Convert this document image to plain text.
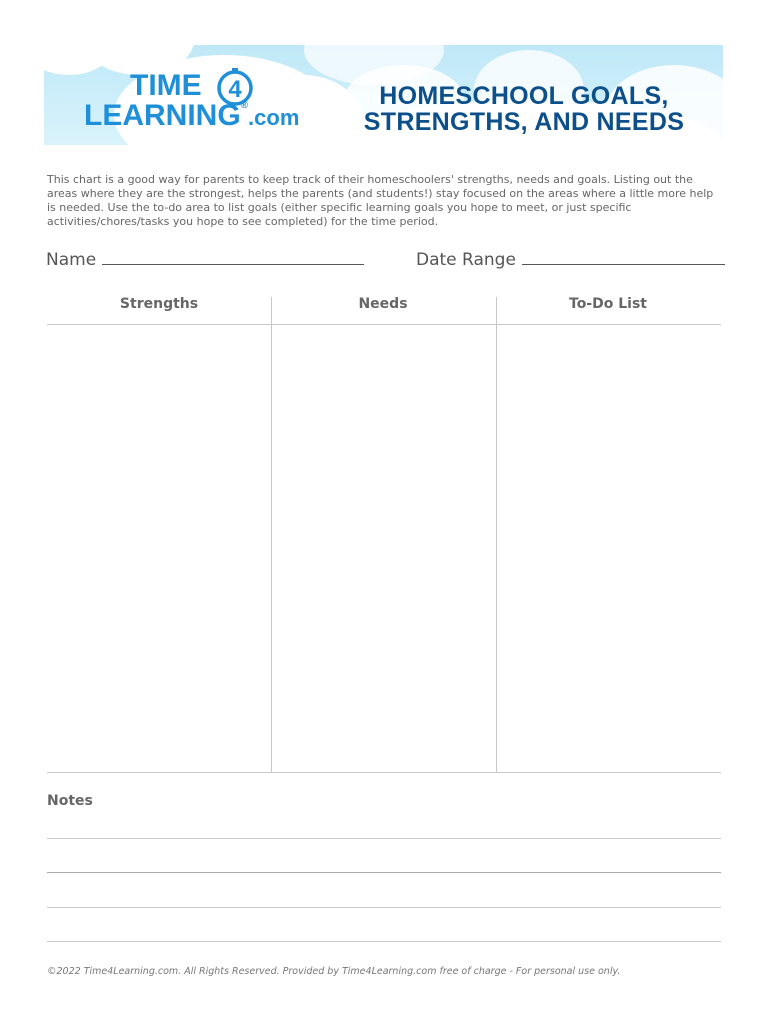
TIME
LEARNING®.com
4	HOMESCHOOL GOALS,
STRENGTHS, AND NEEDS
This chart is a good way for parents to keep track of their homeschoolers' strengths, needs and goals. Listing out the areas where they are the strongest, helps the parents (and students!) stay focused on the areas where a little more help is needed. Use the to-do area to list goals (either specific learning goals you hope to meet, or just specific activities/chores/tasks you hope to see completed) for the time period.
Name	Date Range
Strengths	Needs	To-Do List
Notes
©2022 Time4Learning.com. All Rights Reserved. Provided by Time4Learning.com free of charge - For personal use only.
